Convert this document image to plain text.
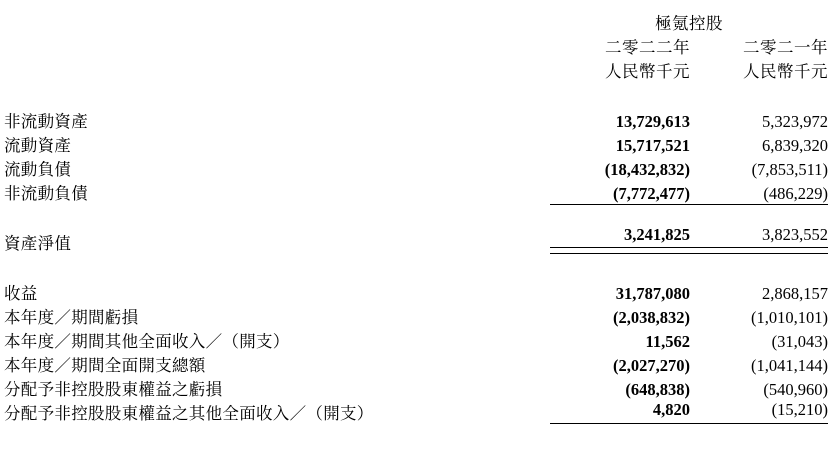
	極氪控股	
	二零二二年	二零二一年
	人民幣千元	人民幣千元

非流動資產	13,729,613	5,323,972
流動資產	15,717,521	6,839,320
流動負債	(18,432,832)	(7,853,511)
非流動負債	(7,772,477)	(486,229)

資產淨值	3,241,825	3,823,552

收益	31,787,080	2,868,157
本年度／期間虧損	(2,038,832)	(1,010,101)
本年度／期間其他全面收入／（開支）	11,562	(31,043)
本年度／期間全面開支總額	(2,027,270)	(1,041,144)
分配予非控股股東權益之虧損	(648,838)	(540,960)
分配予非控股股東權益之其他全面收入／（開支）	4,820	(15,210)
